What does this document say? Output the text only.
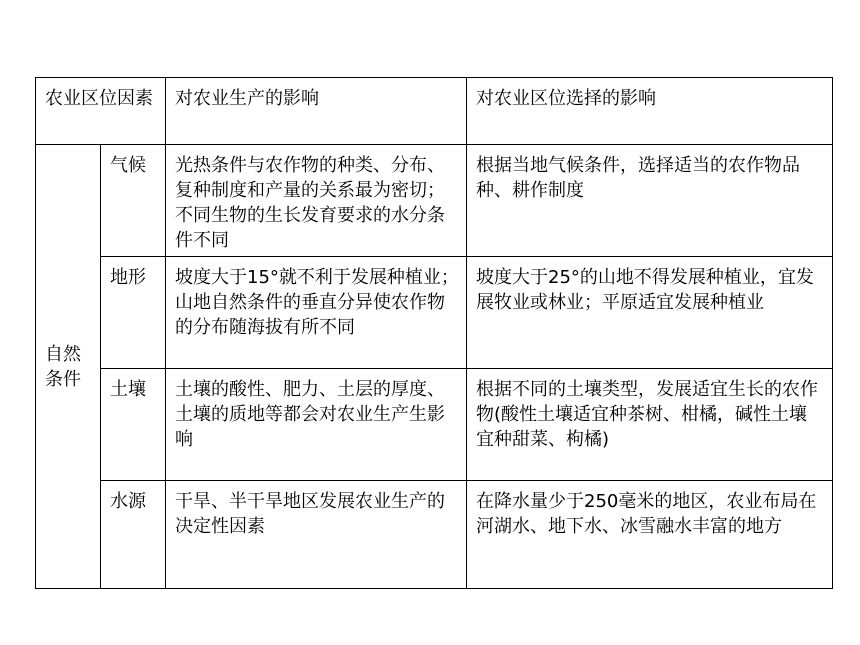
农业区位因素		对农业生产的影响	对农业区位选择的影响
自然条件	气候	光热条件与农作物的种类、分布、复种制度和产量的关系最为密切；不同生物的生长发育要求的水分条件不同	根据当地气候条件，选择适当的农作物品种、耕作制度
	地形	坡度大于15°就不利于发展种植业；山地自然条件的垂直分异使农作物的分布随海拔有所不同	坡度大于25°的山地不得发展种植业，宜发展牧业或林业；平原适宜发展种植业
	土壤	土壤的酸性、肥力、土层的厚度、土壤的质地等都会对农业生产生影响	根据不同的土壤类型，发展适宜生长的农作物(酸性土壤适宜种茶树、柑橘，碱性土壤宜种甜菜、枸橘)
	水源	干旱、半干旱地区发展农业生产的决定性因素	在降水量少于250毫米的地区，农业布局在河湖水、地下水、冰雪融水丰富的地方
